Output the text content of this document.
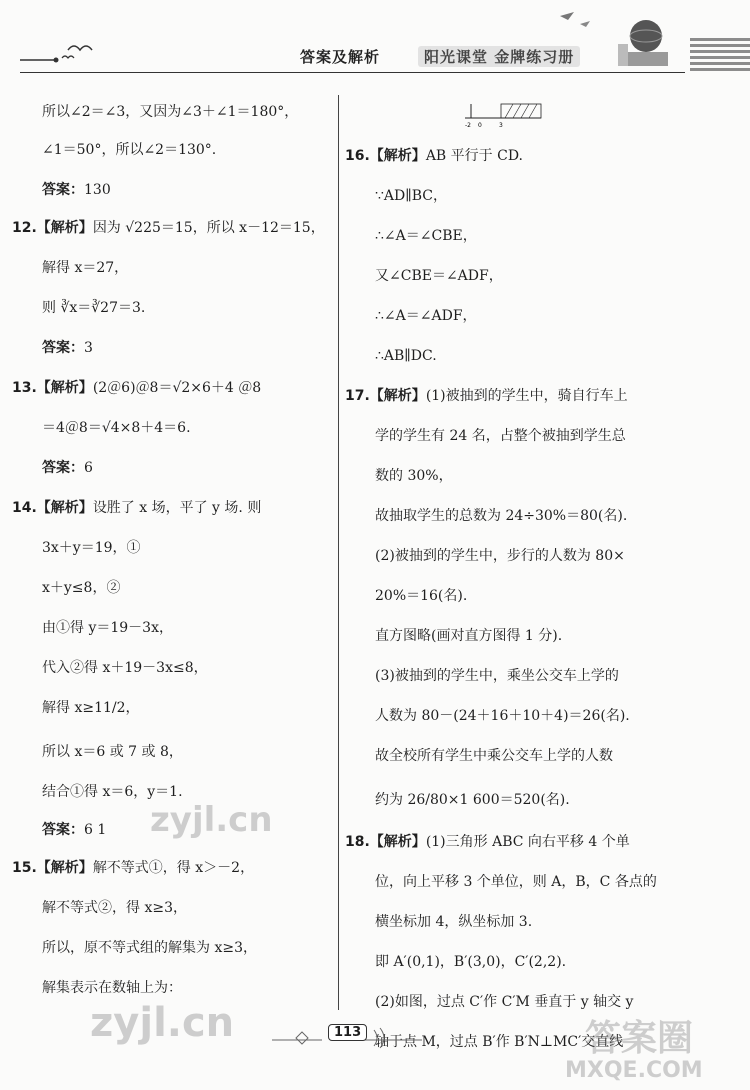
答案及解析	阳光课堂 金牌练习册
所以∠2＝∠3，又因为∠3＋∠1＝180°，
∠1＝50°，所以∠2＝130°.
答案：130
12.【解析】因为 √225＝15，所以 x－12＝15，
解得 x＝27，
则 ∛x＝∛27＝3.
答案：3
13.【解析】(2＠6)＠8＝√2×6＋4 ＠8
＝4＠8＝√4×8＋4＝6.
答案：6
14.【解析】设胜了 x 场，平了 y 场. 则
3x＋y＝19，①
x＋y≤8，②
由①得 y＝19－3x，
代入②得 x＋19－3x≤8，
解得 x≥11/2，
所以 x＝6 或 7 或 8，
结合①得 x＝6，y＝1.
答案：6 1
15.【解析】解不等式①，得 x＞－2，
解不等式②，得 x≥3，
所以，原不等式组的解集为 x≥3，
解集表示在数轴上为：
16.【解析】AB 平行于 CD.
∵AD∥BC，
∴∠A＝∠CBE，
又∠CBE＝∠ADF，
∴∠A＝∠ADF，
∴AB∥DC.
17.【解析】(1)被抽到的学生中，骑自行车上
学的学生有 24 名，占整个被抽到学生总
数的 30%，
故抽取学生的总数为 24÷30%＝80(名).
(2)被抽到的学生中，步行的人数为 80×
20%＝16(名).
直方图略(画对直方图得 1 分).
(3)被抽到的学生中，乘坐公交车上学的
人数为 80－(24＋16＋10＋4)＝26(名).
故全校所有学生中乘公交车上学的人数
约为 26/80×1 600＝520(名).
18.【解析】(1)三角形 ABC 向右平移 4 个单
位，向上平移 3 个单位，则 A，B，C 各点的
横坐标加 4，纵坐标加 3.
即 A′(0,1)，B′(3,0)，C′(2,2).
(2)如图，过点 C′作 C′M 垂直于 y 轴交 y
轴于点 M，过点 B′作 B′N⊥MC′交直线
-2 0	3
113
zyjl.cn
zyjl.cn	答案圈
MXQE.COM
